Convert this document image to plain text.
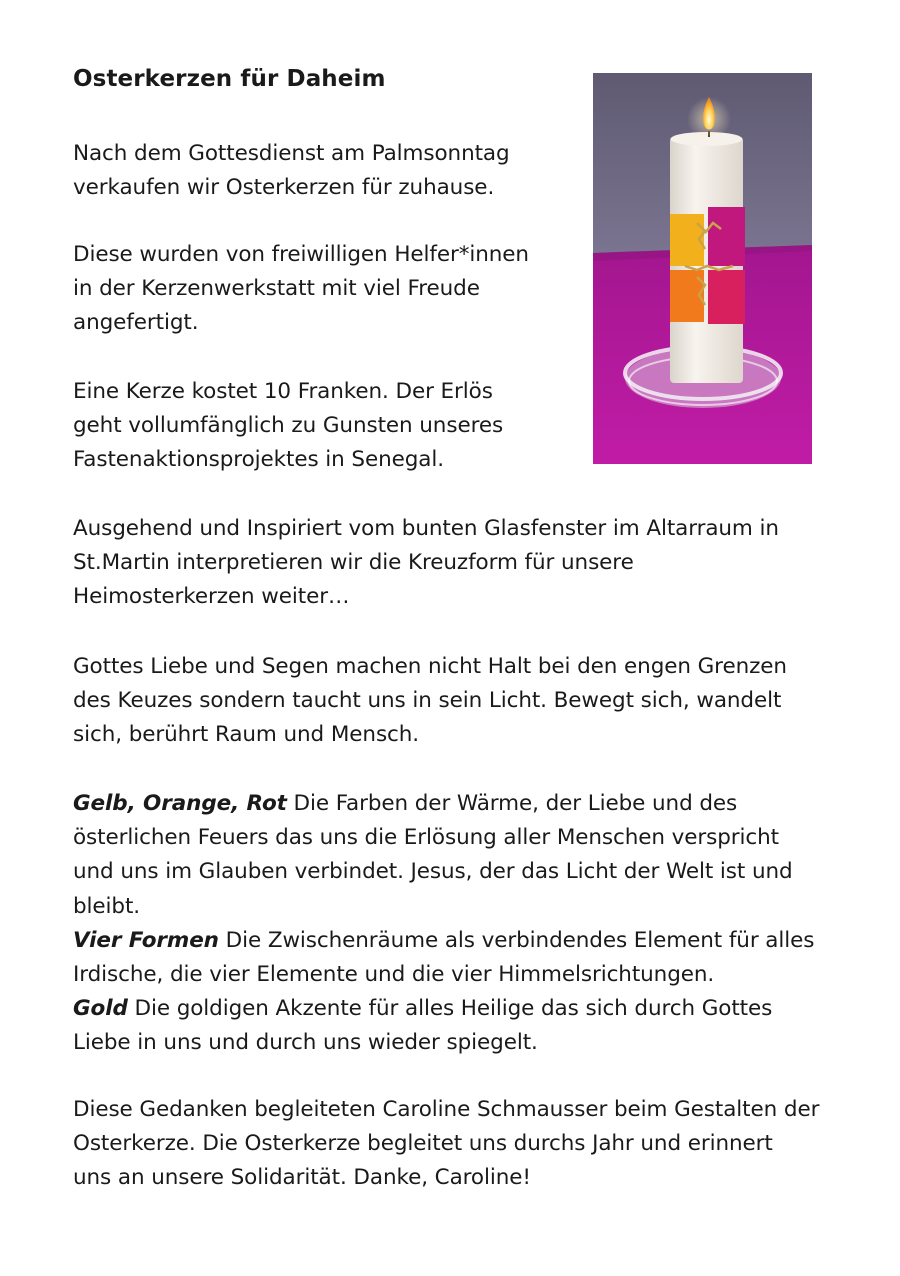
Osterkerzen für Daheim

Nach dem Gottesdienst am Palmsonntag
verkaufen wir Osterkerzen für zuhause.

Diese wurden von freiwilligen Helfer*innen
in der Kerzenwerkstatt mit viel Freude
angefertigt.

Eine Kerze kostet 10 Franken. Der Erlös
geht vollumfänglich zu Gunsten unseres
Fastenaktionsprojektes in Senegal.

Ausgehend und Inspiriert vom bunten Glasfenster im Altarraum in
St.Martin interpretieren wir die Kreuzform für unsere
Heimosterkerzen weiter…

Gottes Liebe und Segen machen nicht Halt bei den engen Grenzen
des Keuzes sondern taucht uns in sein Licht. Bewegt sich, wandelt
sich, berührt Raum und Mensch.

Gelb, Orange, Rot Die Farben der Wärme, der Liebe und des
österlichen Feuers das uns die Erlösung aller Menschen verspricht
und uns im Glauben verbindet. Jesus, der das Licht der Welt ist und
bleibt.
Vier Formen Die Zwischenräume als verbindendes Element für alles
Irdische, die vier Elemente und die vier Himmelsrichtungen.
Gold Die goldigen Akzente für alles Heilige das sich durch Gottes
Liebe in uns und durch uns wieder spiegelt.

Diese Gedanken begleiteten Caroline Schmausser beim Gestalten der
Osterkerze. Die Osterkerze begleitet uns durchs Jahr und erinnert
uns an unsere Solidarität. Danke, Caroline!
